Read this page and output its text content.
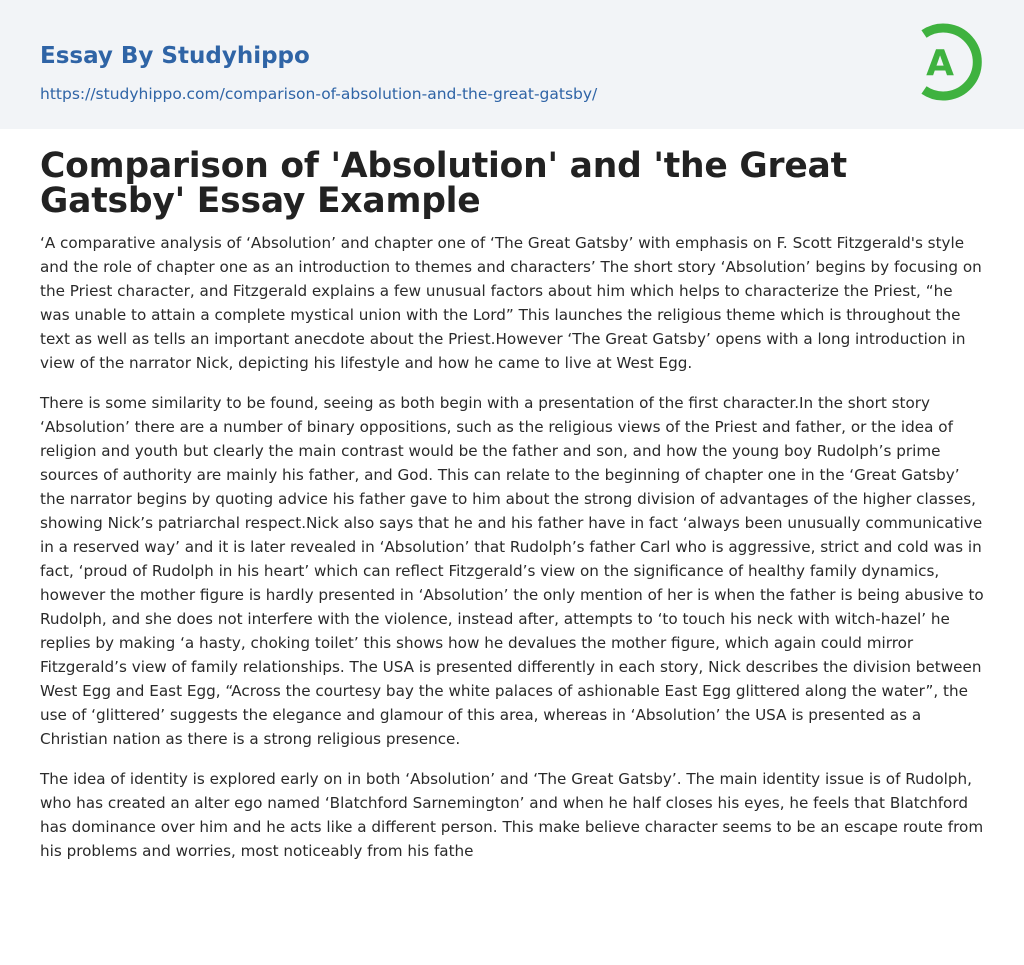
Essay By Studyhippo
https://studyhippo.com/comparison-of-absolution-and-the-great-gatsby/
A
Comparison of 'Absolution' and 'the Great Gatsby' Essay Example

‘A comparative analysis of ‘Absolution’ and chapter one of ‘The Great Gatsby’ with emphasis on F. Scott Fitzgerald's style and the role of chapter one as an introduction to themes and characters’ The short story ‘Absolution’ begins by focusing on the Priest character, and Fitzgerald explains a few unusual factors about him which helps to characterize the Priest, “he was unable to attain a complete mystical union with the Lord” This launches the religious theme which is throughout the text as well as tells an important anecdote about the Priest.However ‘The Great Gatsby’ opens with a long introduction in view of the narrator Nick, depicting his lifestyle and how he came to live at West Egg.

There is some similarity to be found, seeing as both begin with a presentation of the first character.In the short story ‘Absolution’ there are a number of binary oppositions, such as the religious views of the Priest and father, or the idea of religion and youth but clearly the main contrast would be the father and son, and how the young boy Rudolph’s prime sources of authority are mainly his father, and God. This can relate to the beginning of chapter one in the ‘Great Gatsby’ the narrator begins by quoting advice his father gave to him about the strong division of advantages of the higher classes, showing Nick’s patriarchal respect.Nick also says that he and his father have in fact ‘always been unusually communicative in a reserved way’ and it is later revealed in ‘Absolution’ that Rudolph’s father Carl who is aggressive, strict and cold was in fact, ‘proud of Rudolph in his heart’ which can reflect Fitzgerald’s view on the significance of healthy family dynamics, however the mother figure is hardly presented in ‘Absolution’ the only mention of her is when the father is being abusive to Rudolph, and she does not interfere with the violence, instead after, attempts to ‘to touch his neck with witch-hazel’ he replies by making ‘a hasty, choking toilet’ this shows how he devalues the mother figure, which again could mirror Fitzgerald’s view of family relationships. The USA is presented differently in each story, Nick describes the division between West Egg and East Egg, “Across the courtesy bay the white palaces of ashionable East Egg glittered along the water”, the use of ‘glittered’ suggests the elegance and glamour of this area, whereas in ‘Absolution’ the USA is presented as a Christian nation as there is a strong religious presence.

The idea of identity is explored early on in both ‘Absolution’ and ‘The Great Gatsby’. The main identity issue is of Rudolph, who has created an alter ego named ‘Blatchford Sarnemington’ and when he half closes his eyes, he feels that Blatchford has dominance over him and he acts like a different person. This make believe character seems to be an escape route from his problems and worries, most noticeably from his fathe
